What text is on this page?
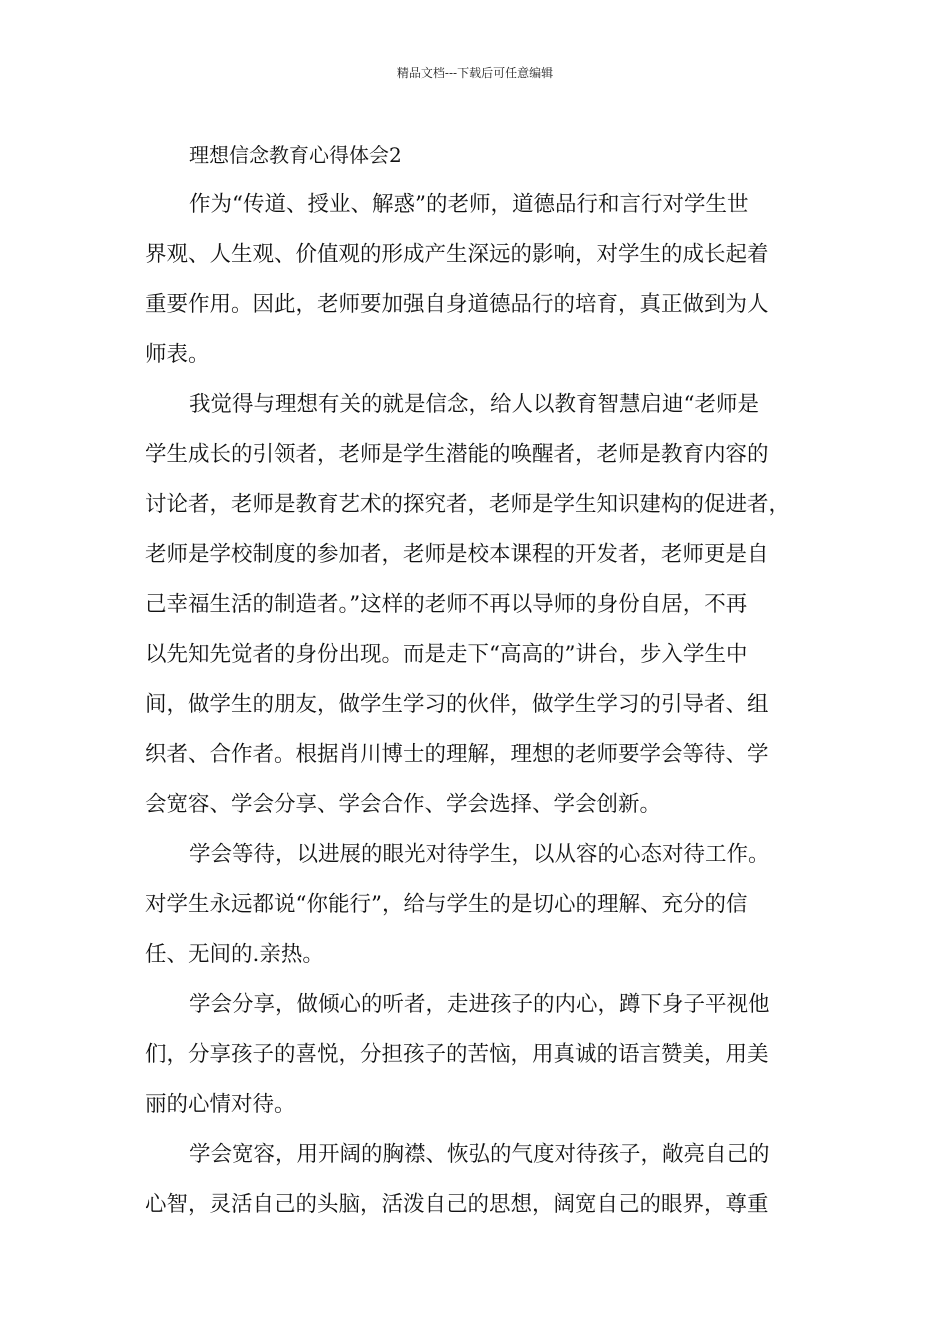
精品文档---下载后可任意编辑
理想信念教育心得体会2

作为“传道、授业、解惑”的老师，道德品行和言行对学生世
界观、人生观、价值观的形成产生深远的影响，对学生的成长起着
重要作用。因此，老师要加强自身道德品行的培育，真正做到为人
师表。

我觉得与理想有关的就是信念，给人以教育智慧启迪“老师是
学生成长的引领者，老师是学生潜能的唤醒者，老师是教育内容的
讨论者，老师是教育艺术的探究者，老师是学生知识建构的促进者，
老师是学校制度的参加者，老师是校本课程的开发者，老师更是自
己幸福生活的制造者。”这样的老师不再以导师的身份自居，不再
以先知先觉者的身份出现。而是走下“高高的”讲台，步入学生中
间，做学生的朋友，做学生学习的伙伴，做学生学习的引导者、组
织者、合作者。根据肖川博士的理解，理想的老师要学会等待、学
会宽容、学会分享、学会合作、学会选择、学会创新。

学会等待，以进展的眼光对待学生，以从容的心态对待工作。
对学生永远都说“你能行”，给与学生的是切心的理解、充分的信
任、无间的.亲热。

学会分享，做倾心的听者，走进孩子的内心，蹲下身子平视他
们，分享孩子的喜悦，分担孩子的苦恼，用真诚的语言赞美，用美
丽的心情对待。

学会宽容，用开阔的胸襟、恢弘的气度对待孩子，敞亮自己的
心智，灵活自己的头脑，活泼自己的思想，阔宽自己的眼界，尊重
